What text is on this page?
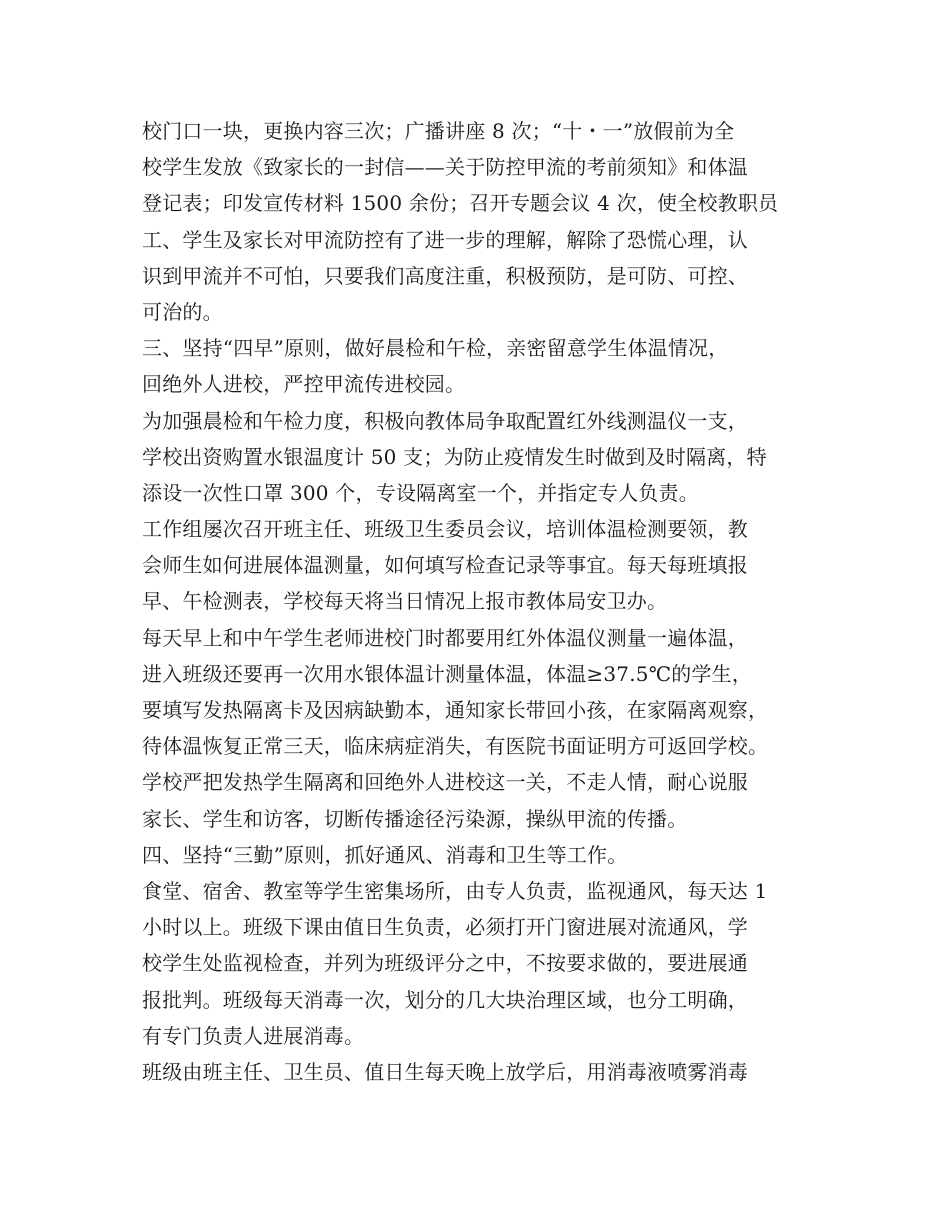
校门口一块，更换内容三次；广播讲座 8 次；“十・一”放假前为全
校学生发放《致家长的一封信——关于防控甲流的考前须知》和体温
登记表；印发宣传材料 1500 余份；召开专题会议 4 次，使全校教职员
工、学生及家长对甲流防控有了进一步的理解，解除了恐慌心理，认
识到甲流并不可怕，只要我们高度注重，积极预防，是可防、可控、
可治的。
三、坚持“四早”原则，做好晨检和午检，亲密留意学生体温情况，
回绝外人进校，严控甲流传进校园。
为加强晨检和午检力度，积极向教体局争取配置红外线测温仪一支，
学校出资购置水银温度计 50 支；为防止疫情发生时做到及时隔离，特
添设一次性口罩 300 个，专设隔离室一个，并指定专人负责。
工作组屡次召开班主任、班级卫生委员会议，培训体温检测要领，教
会师生如何进展体温测量，如何填写检查记录等事宜。每天每班填报
早、午检测表，学校每天将当日情况上报市教体局安卫办。
每天早上和中午学生老师进校门时都要用红外体温仪测量一遍体温，
进入班级还要再一次用水银体温计测量体温，体温≥37.5℃的学生，
要填写发热隔离卡及因病缺勤本，通知家长带回小孩，在家隔离观察，
待体温恢复正常三天，临床病症消失，有医院书面证明方可返回学校。
学校严把发热学生隔离和回绝外人进校这一关，不走人情，耐心说服
家长、学生和访客，切断传播途径污染源，操纵甲流的传播。
四、坚持“三勤”原则，抓好通风、消毒和卫生等工作。
食堂、宿舍、教室等学生密集场所，由专人负责，监视通风，每天达 1
小时以上。班级下课由值日生负责，必须打开门窗进展对流通风，学
校学生处监视检查，并列为班级评分之中，不按要求做的，要进展通
报批判。班级每天消毒一次，划分的几大块治理区域，也分工明确，
有专门负责人进展消毒。
班级由班主任、卫生员、值日生每天晚上放学后，用消毒液喷雾消毒
